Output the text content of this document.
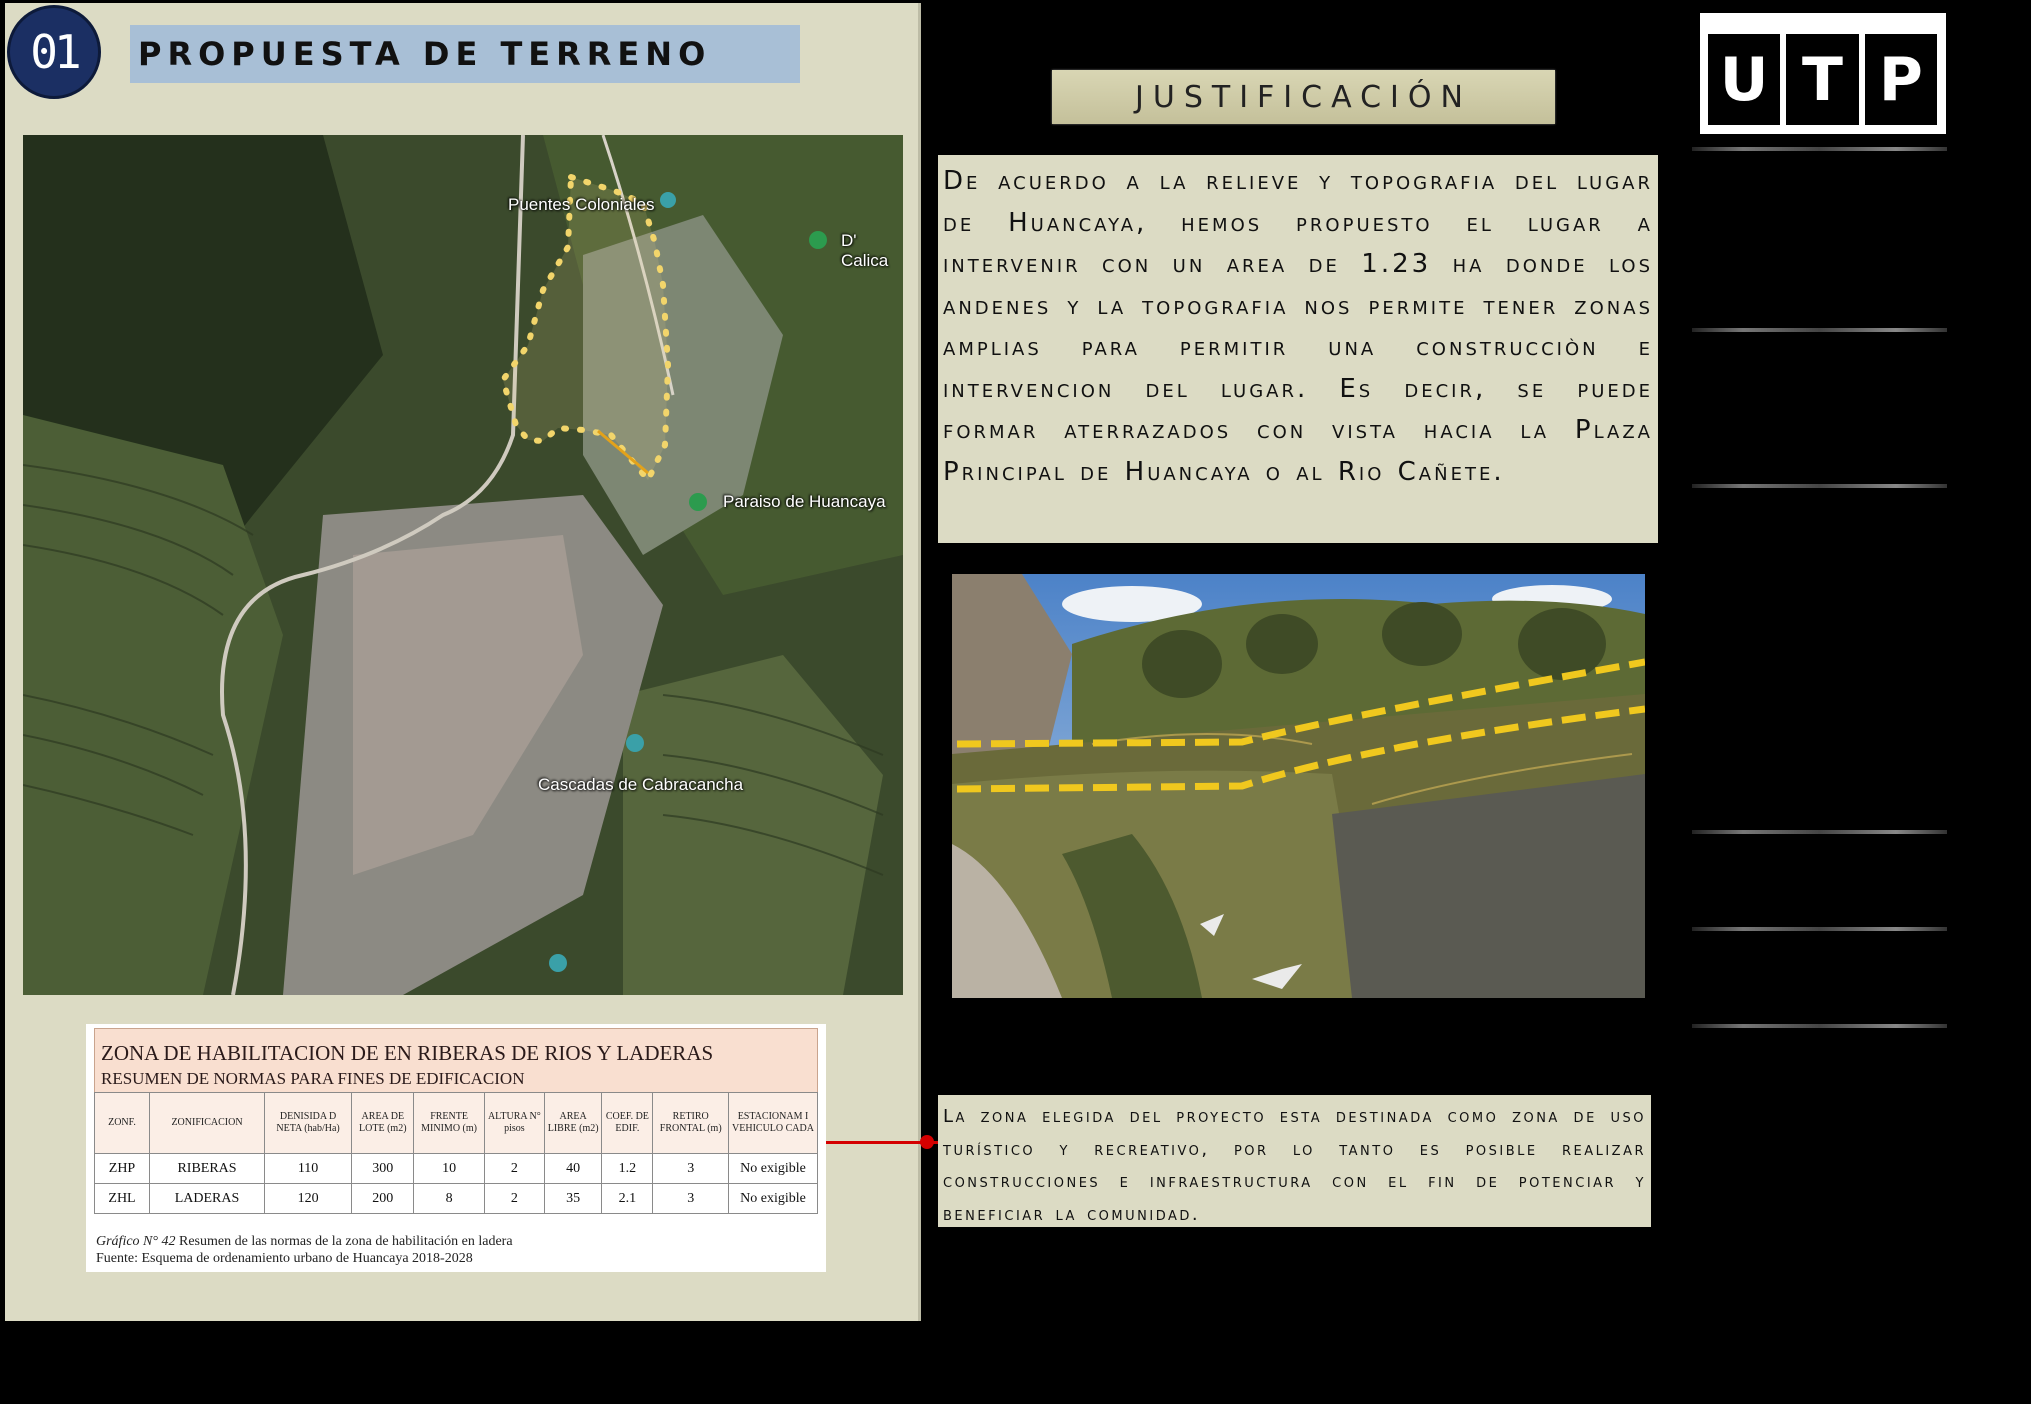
01 PROPUESTA DE TERRENO
Puentes Coloniales
D' Calica
Paraiso de Huancaya
Cascadas de Cabracancha
ZONA DE HABILITACION DE EN RIBERAS DE RIOS Y LADERAS
RESUMEN DE NORMAS PARA FINES DE EDIFICACION
ZONF.	ZONIFICACION	DENISIDA D NETA (hab/Ha)	AREA DE LOTE (m2)	FRENTE MINIMO (m)	ALTURA N° pisos	AREA LIBRE (m2)	COEF. DE EDIF.	RETIRO FRONTAL (m)	ESTACIONAM I VEHICULO CADA
ZHP	RIBERAS	110	300	10	2	40	1.2	3	No exigible
ZHL	LADERAS	120	200	8	2	35	2.1	3	No exigible
Gráfico N° 42 Resumen de las normas de la zona de habilitación en ladera
Fuente: Esquema de ordenamiento urbano de Huancaya 2018-2028
JUSTIFICACIÓN
De acuerdo a la relieve y topografia del lugar de Huancaya, hemos propuesto el lugar a intervenir con un area de 1.23 ha donde los andenes y la topografia nos permite tener zonas amplias para permitir una construcciòn e intervencion del lugar. Es decir, se puede formar aterrazados con vista hacia la Plaza Principal de Huancaya o al Rio Cañete.
La zona elegida del proyecto esta destinada como zona de uso turístico y recreativo, por lo tanto es posible realizar construcciones e infraestructura con el fin de potenciar y beneficiar la comunidad.
U T P
